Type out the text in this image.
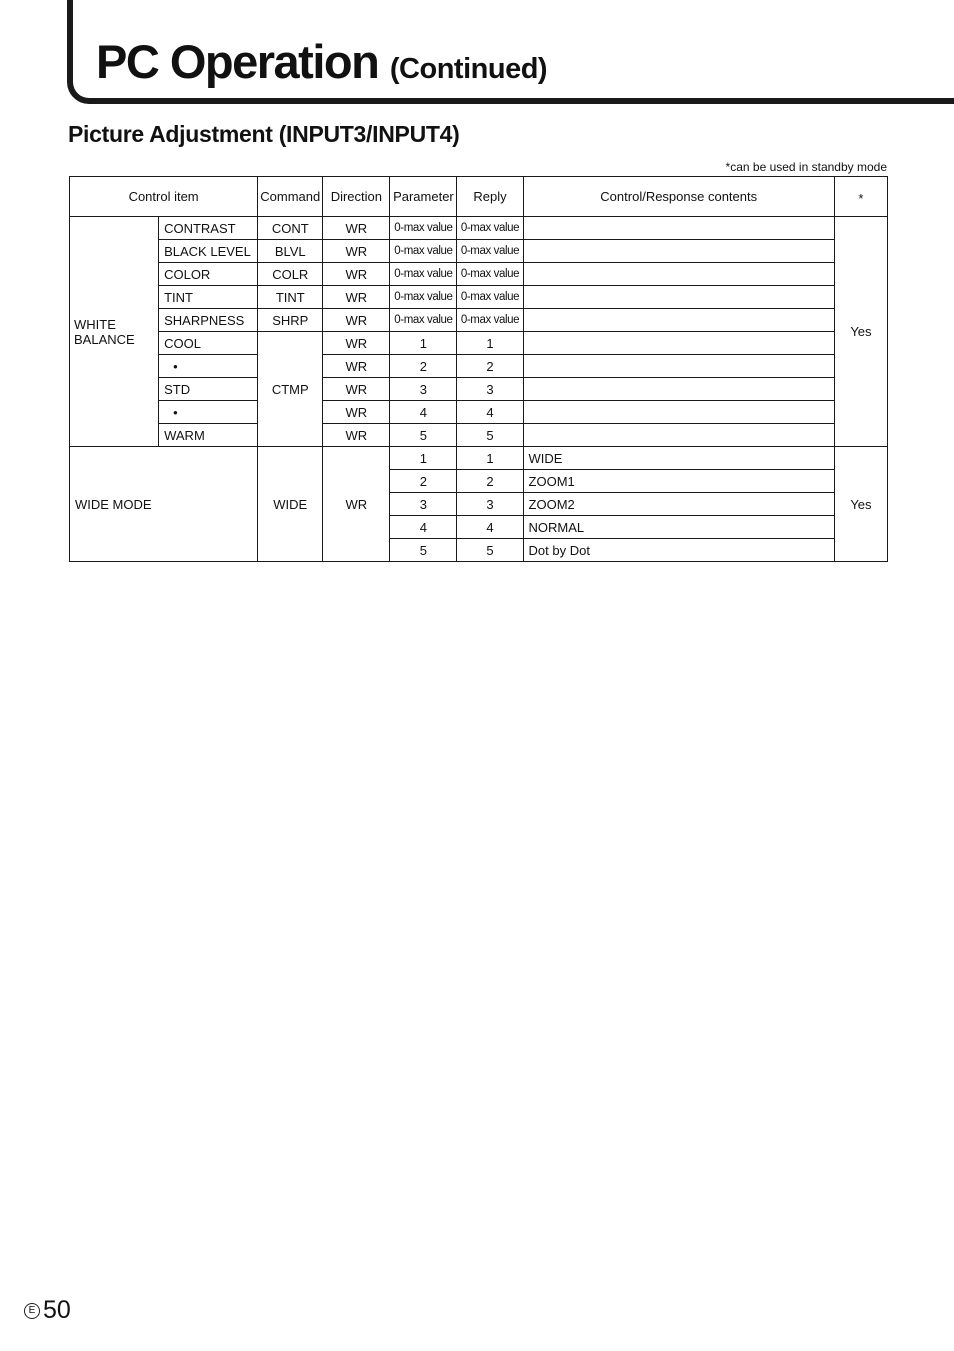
PC Operation (Continued)
Picture Adjustment (INPUT3/INPUT4)
*can be used in standby mode
Control item		Command	Direction	Parameter	Reply	Control/Response contents	*
WHITE
BALANCE	CONTRAST	CONT	WR	0-max value	0-max value		Yes
	BLACK LEVEL	BLVL	WR	0-max value	0-max value		
	COLOR	COLR	WR	0-max value	0-max value		
	TINT	TINT	WR	0-max value	0-max value		
	SHARPNESS	SHRP	WR	0-max value	0-max value		
	COOL	CTMP	WR	1	1		
	•		WR	2	2		
	STD		WR	3	3		
	•		WR	4	4		
	WARM		WR	5	5		
WIDE MODE		WIDE	WR	1	1	WIDE	Yes
				2	2	ZOOM1	
				3	3	ZOOM2	
				4	4	NORMAL	
				5	5	Dot by Dot	
E 50
